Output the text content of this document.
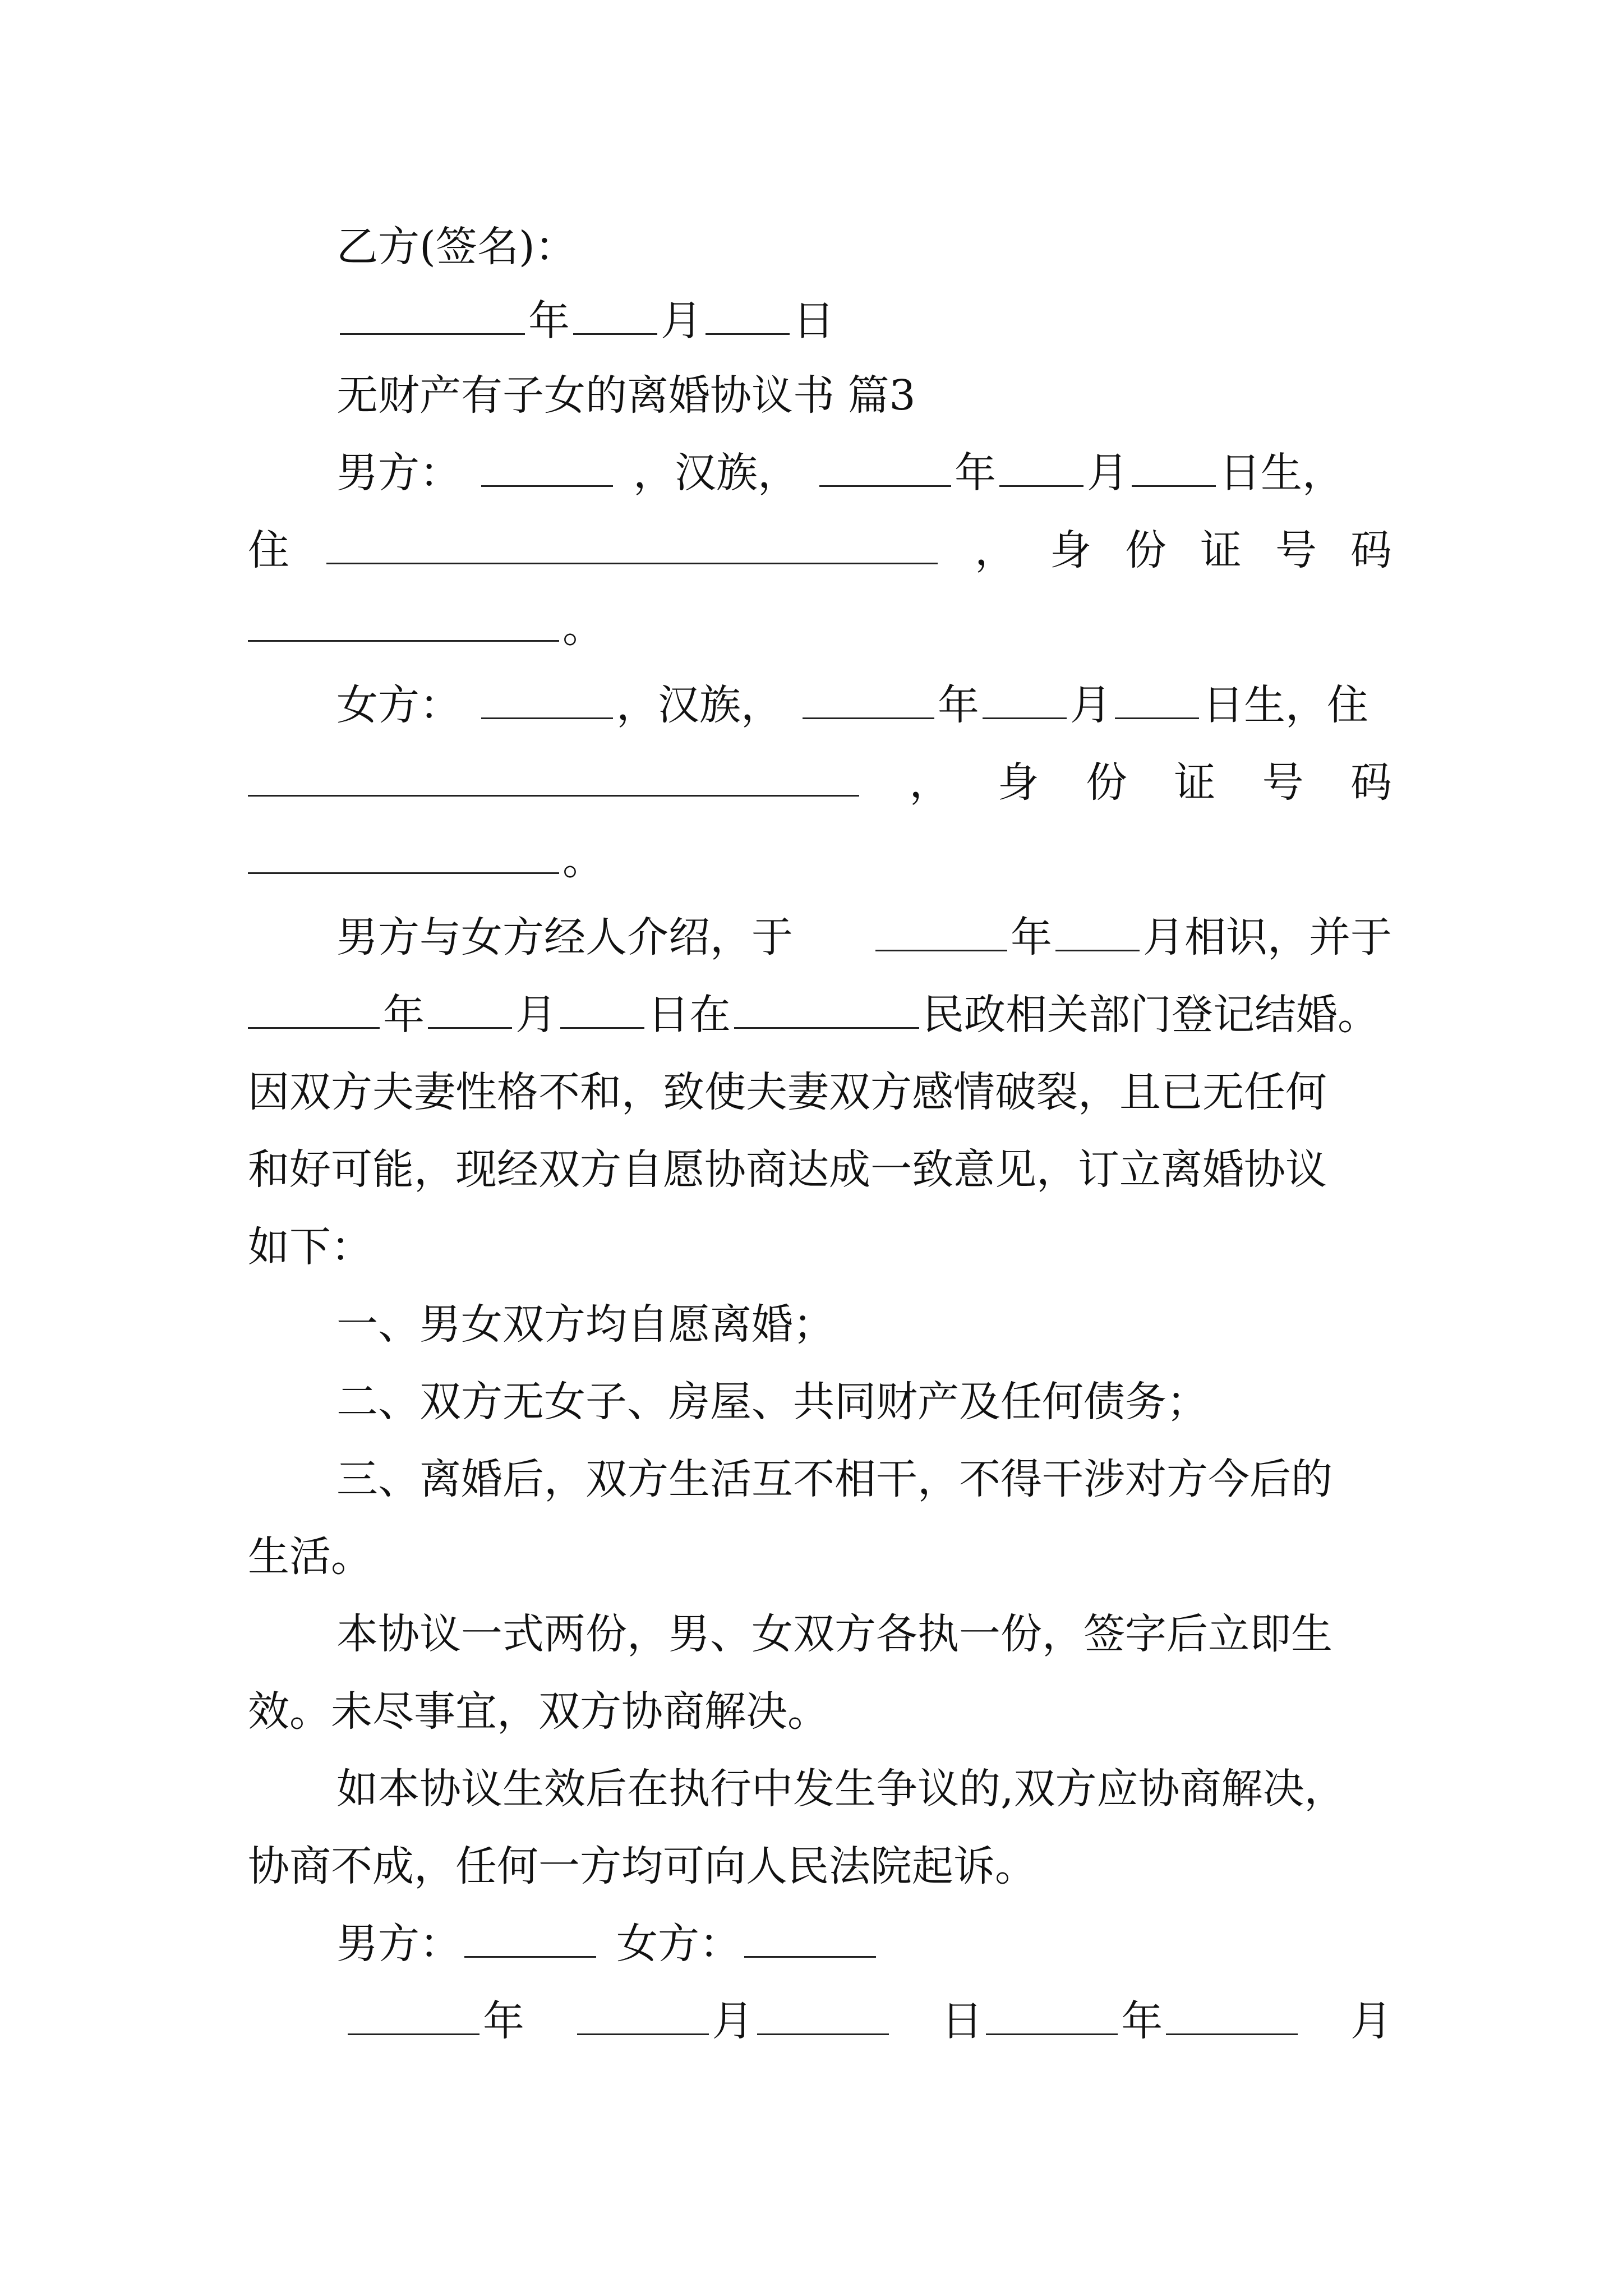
乙方(签名)：
年 月 日
无财产有子女的离婚协议书 篇3
男方：	，汉族，	年 月 日生，
住	， 身 份 证 号 码
。
女方：	，汉族，	年 月 日生，住
， 身 份 证 号 码
。
男方与女方经人介绍，于	年 月相识，并于
年 月 日在	民政相关部门登记结婚。
因双方夫妻性格不和，致使夫妻双方感情破裂，且已无任何
和好可能，现经双方自愿协商达成一致意见，订立离婚协议
如下：
一、男女双方均自愿离婚；
二、双方无女子、房屋、共同财产及任何债务；
三、离婚后，双方生活互不相干，不得干涉对方今后的
生活。
本协议一式两份，男、女双方各执一份，签字后立即生
效。未尽事宜，双方协商解决。
如本协议生效后在执行中发生争议的,双方应协商解决，
协商不成，任何一方均可向人民法院起诉。
男方：	女方：
年	月	日	年	月
